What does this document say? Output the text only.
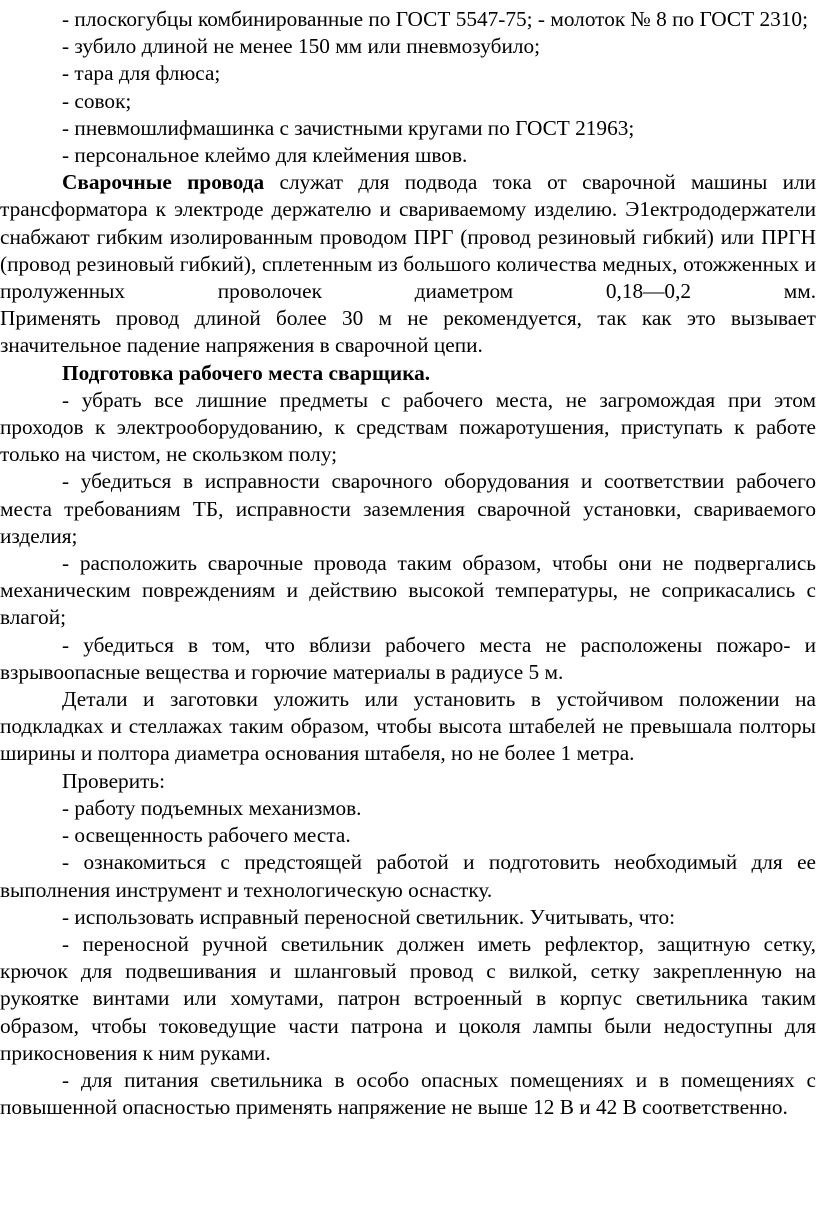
- плоскогубцы комбинированные по ГОСТ 5547-75; - молоток № 8 по ГОСТ 2310;

- зубило длиной не менее 150 мм или пневмозубило;

- тара для флюса;

- совок;

- пневмошлифмашинка с зачистными кругами по ГОСТ 21963;

- персональное клеймо для клеймения швов.

Сварочные провода служат для подвода тока от сварочной машины или трансформатора к электроде держателю и свариваемому изделию. Э1ектрододержатели снабжают гибким изолированным проводом ПРГ (провод резиновый гибкий) или ПРГН (провод резиновый гибкий), сплетенным из большого количества медных, отожженных и пролуженных проволочек диаметром	0,18—0,2	мм.

Применять провод длиной более 30 м не рекомендуется, так как это вызывает значительное падение напряжения в сварочной цепи.

Подготовка рабочего места сварщика.

- убрать все лишние предметы с рабочего места, не загромождая при этом проходов к электрооборудованию, к средствам пожаротушения, приступать к работе только на чистом, не скользком полу;

- убедиться в исправности сварочного оборудования и соответствии рабочего места требованиям ТБ, исправности заземления сварочной установки, свариваемого изделия;

- расположить сварочные провода таким образом, чтобы они не подвергались механическим повреждениям и действию высокой температуры, не соприкасались с влагой;

- убедиться в том, что вблизи рабочего места не расположены пожаро- и взрывоопасные вещества и горючие материалы в радиусе 5 м.

Детали и заготовки уложить или установить в устойчивом положении на подкладках и стеллажах таким образом, чтобы высота штабелей не превышала полторы ширины и полтора диаметра основания штабеля, но не более 1 метра.

Проверить:

- работу подъемных механизмов.

- освещенность рабочего места.

- ознакомиться с предстоящей работой и подготовить необходимый для ее выполнения инструмент и технологическую оснастку.

- использовать исправный переносной светильник. Учитывать, что:

- переносной ручной светильник должен иметь рефлектор, защитную сетку, крючок для подвешивания и шланговый провод с вилкой, сетку закрепленную на рукоятке винтами или хомутами, патрон встроенный в корпус светильника таким образом, чтобы токоведущие части патрона и цоколя лампы были недоступны для прикосновения к ним руками.

- для питания светильника в особо опасных помещениях и в помещениях с повышенной опасностью применять напряжение не выше 12 В и 42 В соответственно.
